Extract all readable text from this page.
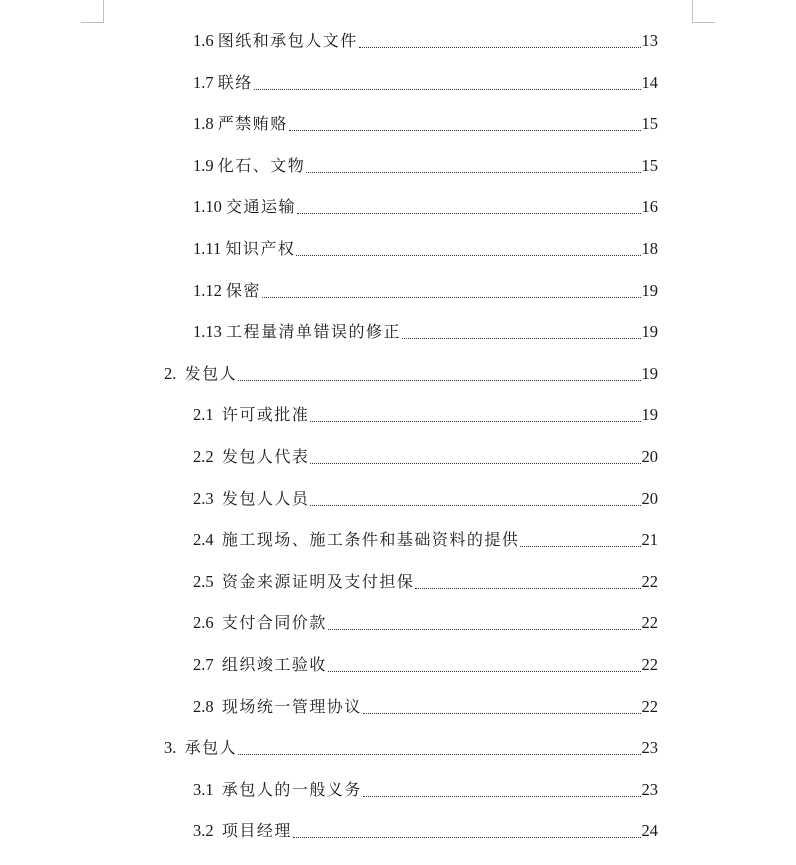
1.6 图纸和承包人文件	13
1.7 联络	14
1.8 严禁贿赂	15
1.9 化石、文物	15
1.10 交通运输	16
1.11 知识产权	18
1.12 保密	19
1.13 工程量清单错误的修正	19
2. 发包人	19
2.1 许可或批准	19
2.2 发包人代表	20
2.3 发包人人员	20
2.4 施工现场、施工条件和基础资料的提供	21
2.5 资金来源证明及支付担保	22
2.6 支付合同价款	22
2.7 组织竣工验收	22
2.8 现场统一管理协议	22
3. 承包人	23
3.1 承包人的一般义务	23
3.2 项目经理	24
